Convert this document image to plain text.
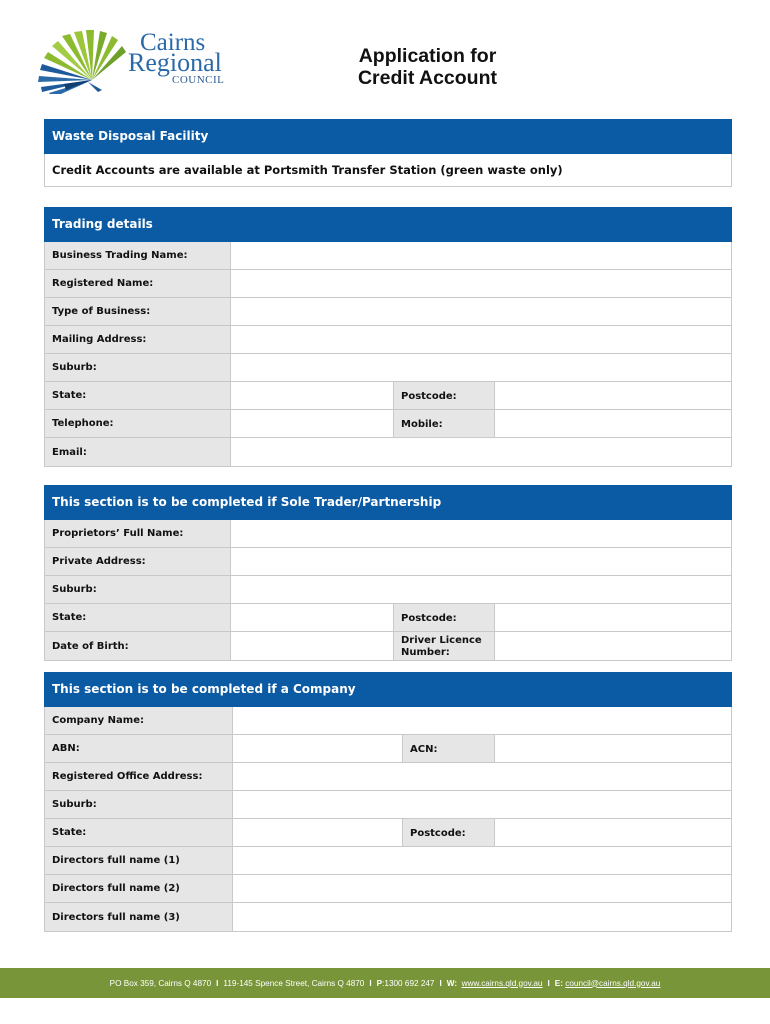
Cairns
Regional
COUNCIL
Application for
Credit Account
Waste Disposal Facility
Credit Accounts are available at Portsmith Transfer Station (green waste only)
Trading details
Business Trading Name:
Registered Name:
Type of Business:
Mailing Address:
Suburb:
State:	Postcode:
Telephone:	Mobile:
Email:
This section is to be completed if Sole Trader/Partnership
Proprietors’ Full Name:
Private Address:
Suburb:
State:	Postcode:
Date of Birth:	Driver Licence Number:
This section is to be completed if a Company
Company Name:
ABN:	ACN:
Registered Office Address:
Suburb:
State:	Postcode:
Directors full name (1)
Directors full name (2)
Directors full name (3)
PO Box 359, Cairns Q 4870 I 119-145 Spence Street, Cairns Q 4870 I P :1300 692 247 I W:
www.cairns.qld.gov.au I E:
council@cairns.qld.gov.au
